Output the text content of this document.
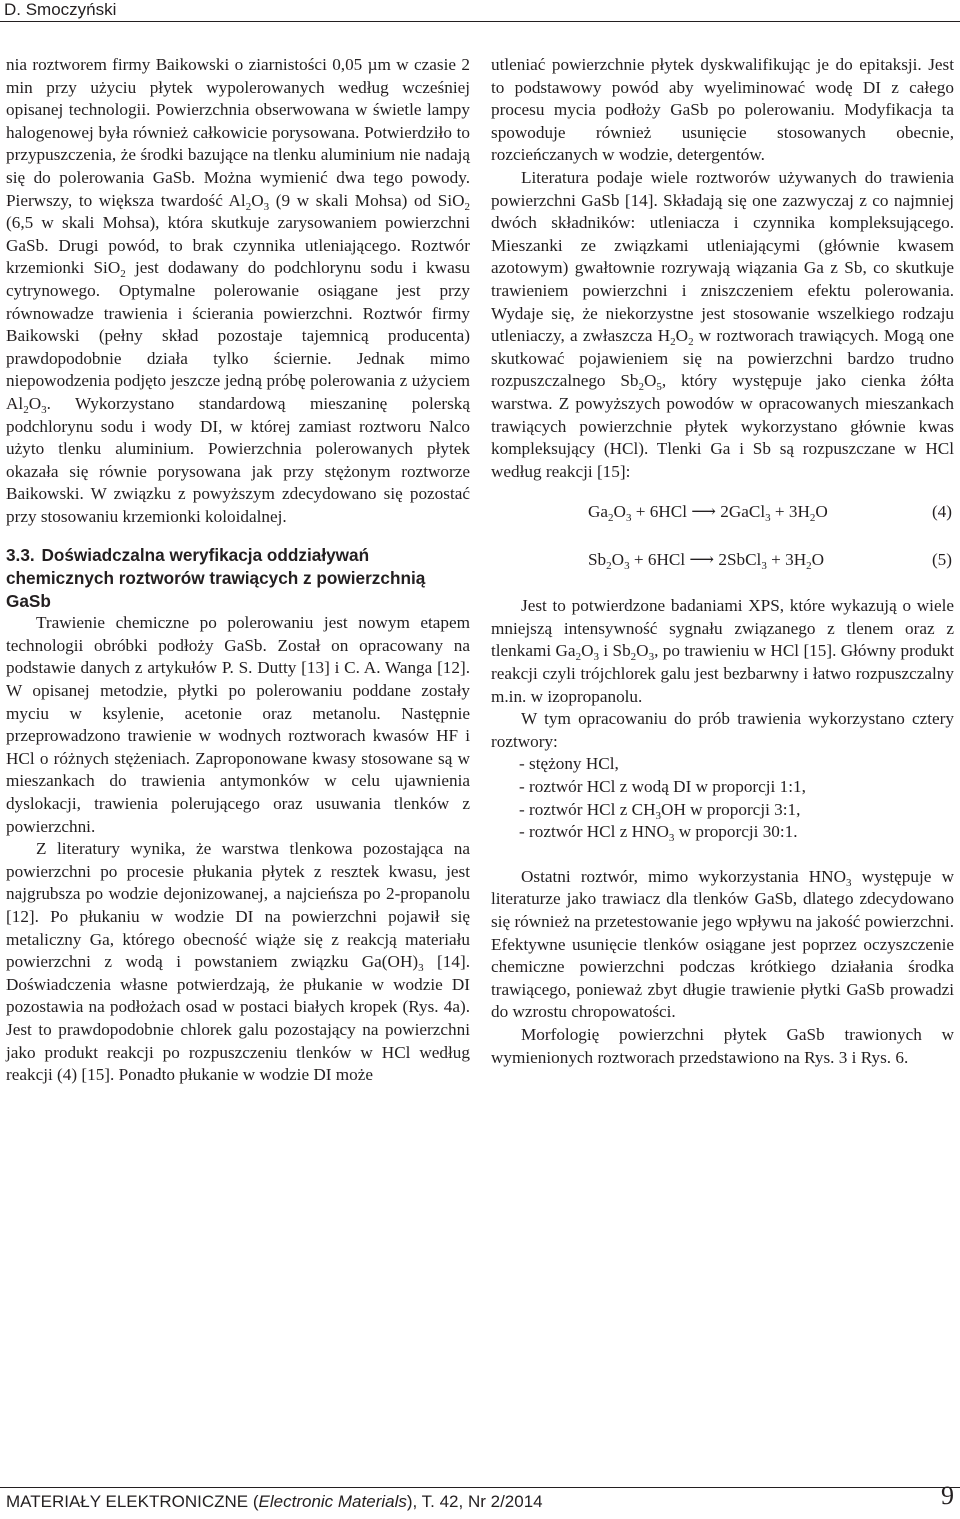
D. Smoczyński

nia roztworem firmy Baikowski o ziarnistości 0,05 µm w czasie 2 min przy użyciu płytek wypolerowanych według wcześniej opisanej technologii. Powierzchnia obserwowana w świetle lampy halogenowej była również całkowicie porysowana. Potwierdziło to przypuszczenia, że środki bazujące na tlenku aluminium nie nadają się do polerowania GaSb. Można wymienić dwa tego powody. Pierwszy, to większa twardość $Al_2O_3$ (9 w skali Mohsa) od SiO$_2$ (6,5 w skali Mohsa), która skutkuje zarysowaniem powierzchni GaSb. Drugi powód, to brak czynnika utleniającego. Roztwór krzemionki SiO$_2$ jest dodawany do podchlorynu sodu i kwasu cytrynowego. Optymalne polerowanie osiągane jest przy równowadze trawienia i ścierania powierzchni. Roztwór firmy Baikowski (pełny skład pozostaje tajemnicą producenta) prawdopodobnie działa tylko ściernie. Jednak mimo niepowodzenia podjęto jeszcze jedną próbę polerowania z użyciem $Al_2O_3$. Wykorzystano standardową mieszaninę polerską podchlorynu sodu i wody DI, w której zamiast roztworu Nalco użyto tlenku aluminium. Powierzchnia polerowanych płytek okazała się równie porysowana jak przy stężonym roztworze Baikowski. W związku z powyższym zdecydowano się pozostać przy stosowaniu krzemionki koloidalnej.

3.3. Doświadczalna weryfikacja oddziaływań chemicznych roztworów trawiących z powierzchnią GaSb

Trawienie chemiczne po polerowaniu jest nowym etapem technologii obróbki podłoży GaSb. Został on opracowany na podstawie danych z artykułów P. S. Dutty [13] i C. A. Wanga [12]. W opisanej metodzie, płytki po polerowaniu poddane zostały myciu w ksylenie, acetonie oraz metanolu. Następnie przeprowadzono trawienie w wodnych roztworach kwasów HF i HCl o różnych stężeniach. Zaproponowane kwasy stosowane są w mieszankach do trawienia antymonków w celu ujawnienia dyslokacji, trawienia polerującego oraz usuwania tlenków z powierzchni.

Z literatury wynika, że warstwa tlenkowa pozostająca na powierzchni po procesie płukania płytek z resztek kwasu, jest najgrubsza po wodzie dejonizowanej, a najcieńsza po 2-propanolu [12]. Po płukaniu w wodzie DI na powierzchni pojawił się metaliczny Ga, którego obecność wiąże się z reakcją materiału powierzchni z wodą i powstaniem związku $Ga(OH)_3$ [14]. Doświadczenia własne potwierdzają, że płukanie w wodzie DI pozostawia na podłożach osad w postaci białych kropek (Rys. 4a). Jest to prawdopodobnie chlorek galu pozostający na powierzchni jako produkt reakcji po rozpuszczeniu tlenków w HCl według reakcji (4) [15]. Ponadto płukanie w wodzie DI może

utleniać powierzchnie płytek dyskwalifikując je do epitaksji. Jest to podstawowy powód aby wyeliminować wodę DI z całego procesu mycia podłoży GaSb po polerowaniu. Modyfikacja ta spowoduje również usunięcie stosowanych obecnie, rozcieńczanych w wodzie, detergentów.

Literatura podaje wiele roztworów używanych do trawienia powierzchni GaSb [14]. Składają się one zazwyczaj z co najmniej dwóch składników: utleniacza i czynnika kompleksującego. Mieszanki ze związkami utleniającymi (głównie kwasem azotowym) gwałtownie rozrywają wiązania Ga z Sb, co skutkuje trawieniem powierzchni i zniszczeniem efektu polerowania. Wydaje się, że niekorzystne jest stosowanie wszelkiego rodzaju utleniaczy, a zwłaszcza $H_2O_2$ w roztworach trawiących. Mogą one skutkować pojawieniem się na powierzchni bardzo trudno rozpuszczalnego $Sb_2O_5$, który występuje jako cienka żółta warstwa. Z powyższych powodów w opracowanych mieszankach trawiących powierzchnie płytek wykorzystano głównie kwas kompleksujący (HCl). Tlenki Ga i Sb są rozpuszczane w HCl według reakcji [15]:

$Ga_2O_3 + 6HCl$ ⟶ 2GaCl$_3$ + $3H_2O$	(4)
$Sb_2O_3 + 6HCl$ ⟶ 2SbCl$_3$ + $3H_2O$	(5)

Jest to potwierdzone badaniami XPS, które wykazują o wiele mniejszą intensywność sygnału związanego z tlenem oraz z tlenkami $Ga_2O_3$ i $Sb_2O_3$, po trawieniu w HCl [15]. Główny produkt reakcji czyli trójchlorek galu jest bezbarwny i łatwo rozpuszczalny m.in. w izopropanolu.

W tym opracowaniu do prób trawienia wykorzystano cztery roztwory:

- stężony HCl,

- roztwór HCl z wodą DI w proporcji 1:1,

- roztwór HCl z $CH_3OH$ w proporcji 3:1,

- roztwór HCl z $HNO_3$ w proporcji 30:1.

Ostatni roztwór, mimo wykorzystania $HNO_3$ występuje w literaturze jako trawiacz dla tlenków GaSb, dlatego zdecydowano się również na przetestowanie jego wpływu na jakość powierzchni. Efektywne usunięcie tlenków osiągane jest poprzez oczyszczenie chemiczne powierzchni podczas krótkiego działania środka trawiącego, ponieważ zbyt długie trawienie płytki GaSb prowadzi do wzrostu chropowatości.

Morfologię powierzchni płytek GaSb trawionych w wymienionych roztworach przedstawiono na Rys. 3 i Rys. 6.

MATERIAŁY ELEKTRONICZNE (Electronic Materials), T. 42, Nr 2/2014	9
